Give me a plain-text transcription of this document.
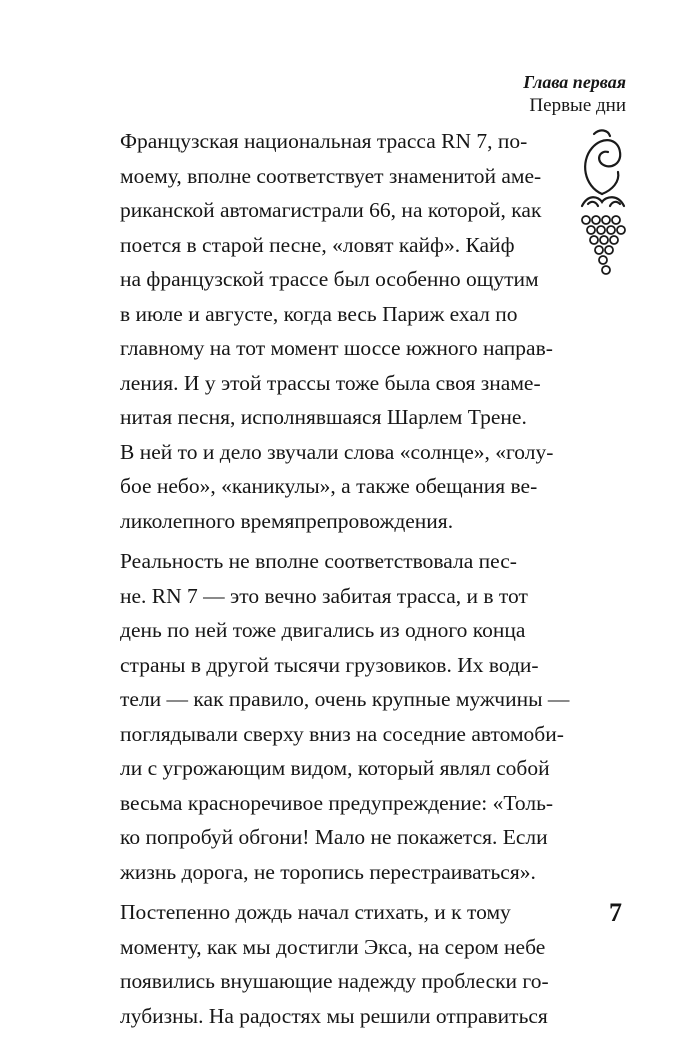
Глава первая
Первые дни

Французская национальная трасса RN 7, по-
моему, вполне соответствует знаменитой аме-
риканской автомагистрали 66, на которой, как
поется в старой песне, «ловят кайф». Кайф
на французской трассе был особенно ощутим
в июле и августе, когда весь Париж ехал по
главному на тот момент шоссе южного направ-
ления. И у этой трассы тоже была своя знаме-
нитая песня, исполнявшаяся Шарлем Трене.
В ней то и дело звучали слова «солнце», «голу-
бое небо», «каникулы», а также обещания ве-
ликолепного времяпрепровождения.

Реальность не вполне соответствовала пес-
не. RN 7 — это вечно забитая трасса, и в тот
день по ней тоже двигались из одного конца
страны в другой тысячи грузовиков. Их води-
тели — как правило, очень крупные мужчины —
поглядывали сверху вниз на соседние автомоби-
ли с угрожающим видом, который являл собой
весьма красноречивое предупреждение: «Толь-
ко попробуй обгони! Мало не покажется. Если
жизнь дорога, не торопись перестраиваться».

Постепенно дождь начал стихать, и к тому
моменту, как мы достигли Экса, на сером небе
появились внушающие надежду проблески го-
лубизны. На радостях мы решили отправиться

7
